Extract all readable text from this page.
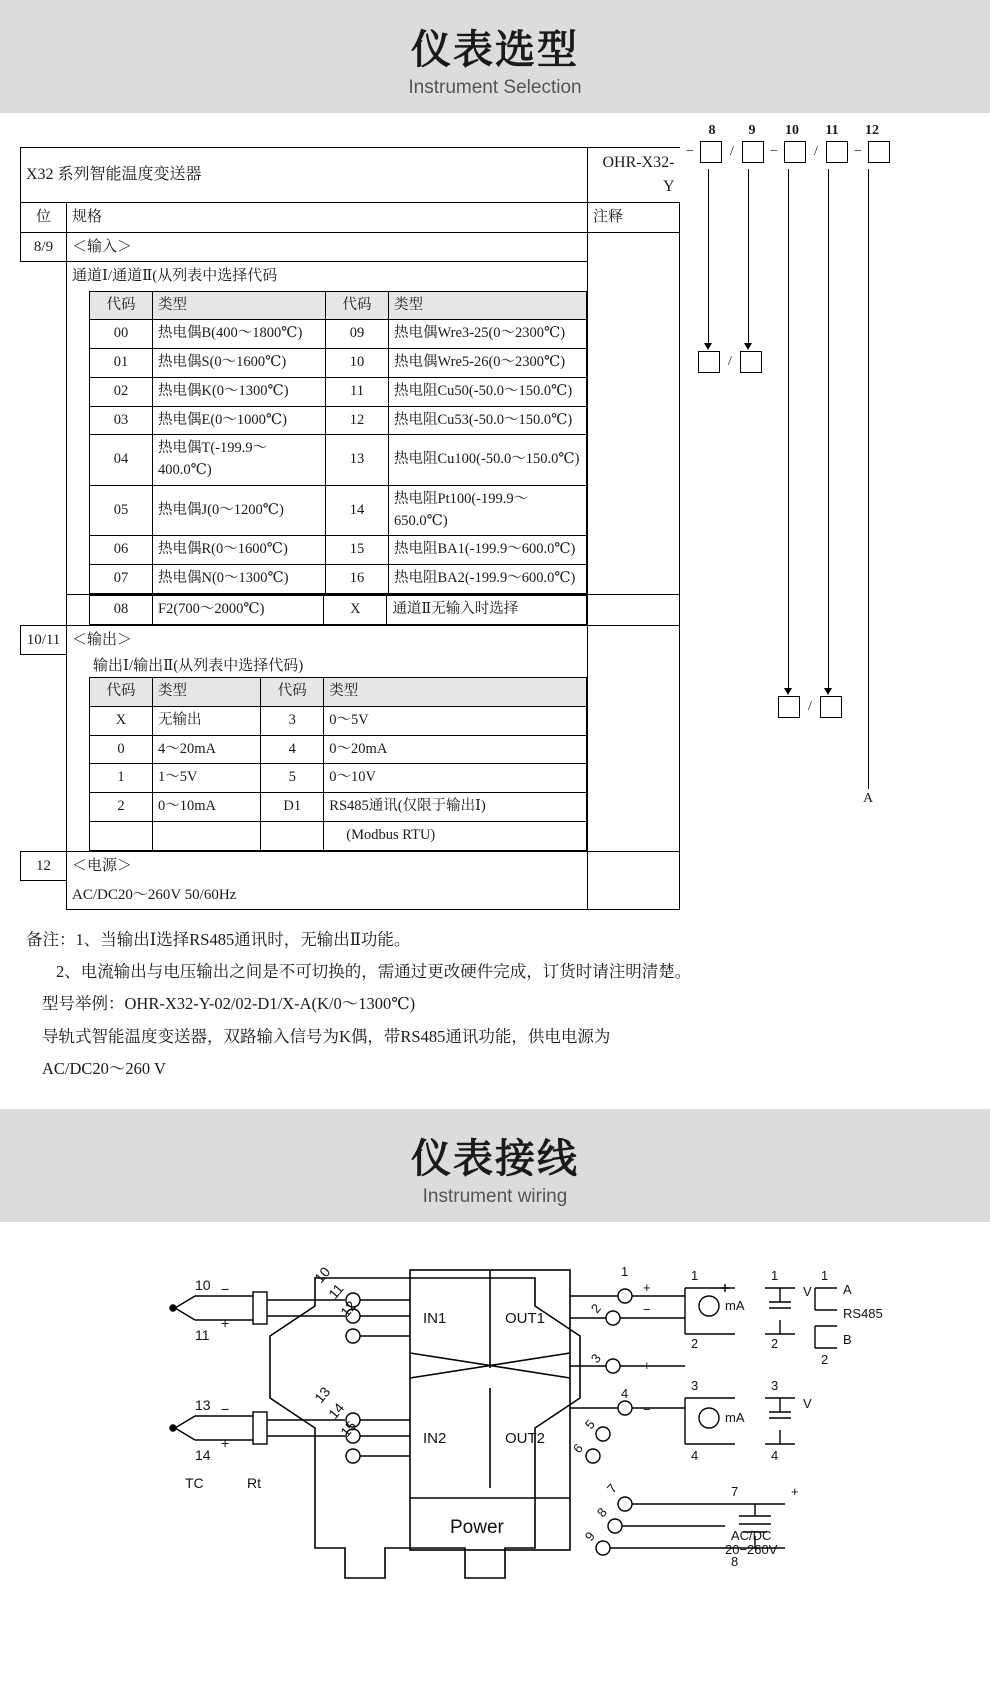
仪表选型
Instrument Selection
X32 系列智能温度变送器	OHR-X32-Y
位	规格	注释
8/9	＜输入＞	
	通道Ⅰ/通道Ⅱ(从列表中选择代码

代码	类型	代码	类型
00	热电偶B(400～1800℃)	09	热电偶Wre3-25(0～2300℃)
01	热电偶S(0～1600℃)	10	热电偶Wre5-26(0～2300℃)
02	热电偶K(0～1300℃)	11	热电阻Cu50(-50.0～150.0℃)
03	热电偶E(0～1000℃)	12	热电阻Cu53(-50.0～150.0℃)
04	热电偶T(-199.9～400.0℃)	13	热电阻Cu100(-50.0～150.0℃)
05	热电偶J(0～1200℃)	14	热电阻Pt100(-199.9～650.0℃)
06	热电偶R(0～1600℃)	15	热电阻BA1(-199.9～600.0℃)
07	热电偶N(0～1300℃)	16	热电阻BA2(-199.9～600.0℃)

08	F2(700～2000℃)	X	通道Ⅱ无输入时选择

10/11	＜输出＞	

输出Ⅰ/输出Ⅱ(从列表中选择代码)
代码	类型	代码	类型
X	无输出	3	0～5V
0	4～20mA	4	0～20mA
1	1～5V	5	0～10V
2	0～10mA	D1	RS485通讯(仅限于输出Ⅰ)
			(Modbus RTU)

12	＜电源＞	
	AC/DC20～260V 50/60Hz
8	9	10	11	12
−	/	−	/	−
/
/
A
备注：1、当输出Ⅰ选择RS485通讯时，无输出Ⅱ功能。
2、电流输出与电压输出之间是不可切换的，需通过更改硬件完成，订货时请注明清楚。
型号举例：OHR-X32-Y-02/02-D1/X-A(K/0～1300℃)
导轨式智能温度变送器，双路输入信号为K偶，带RS485通讯功能，供电电源为
AC/DC20～260 V
仪表接线
Instrument wiring
IN1
IN2
OUT1
OUT2
Power
10
11
13
14
−
+
−
+
TC	Rt
10
11
12
13
14
15
1
2
3
4
5
6
7
8
9
+
−
+
−
mA
mA
V
V
1
2
1
2
3
4
3
4
1
2
A
B
RS485
7
8
+
AC/DC
20−260V
